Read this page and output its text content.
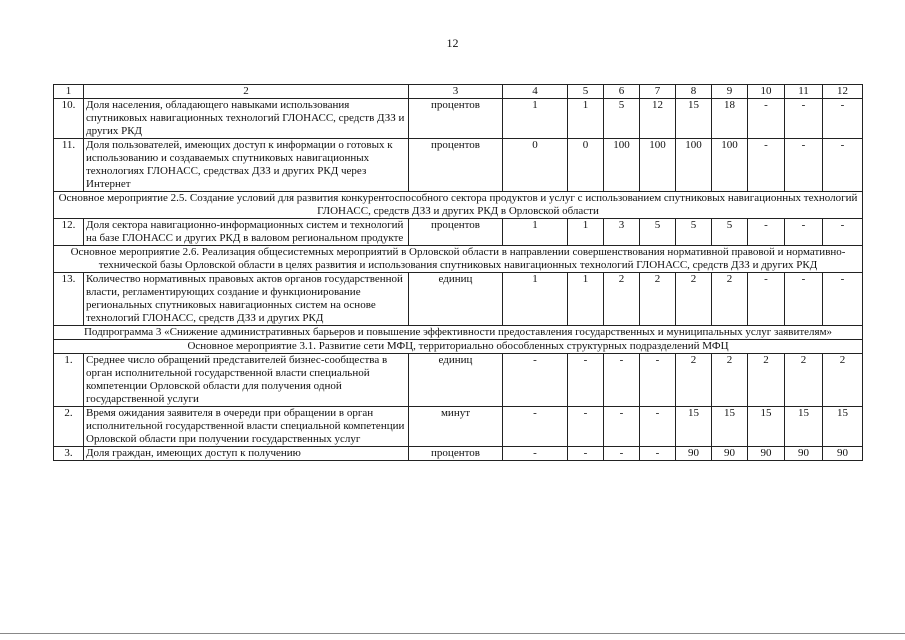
12
1	2	3	4	5	6	7	8	9	10	11	12
10.	Доля населения, обладающего навыками использования спутниковых навигационных технологий ГЛОНАСС, средств ДЗЗ и других РКД	процентов	1	1	5	12	15	18	-	-	-
11.	Доля пользователей, имеющих доступ к информации о готовых к использованию и создаваемых спутниковых навигационных технологиях ГЛОНАСС, средствах ДЗЗ и других РКД через Интернет	процентов	0	0	100	100	100	100	-	-	-
Основное мероприятие 2.5. Создание условий для развития конкурентоспособного сектора продуктов и услуг с использованием спутниковых навигационных технологий ГЛОНАСС, средств ДЗЗ и других РКД в Орловской области											
12.	Доля сектора навигационно-информационных систем и технологий на базе ГЛОНАСС и других РКД в валовом региональном продукте	процентов	1	1	3	5	5	5	-	-	-
Основное мероприятие 2.6. Реализация общесистемных мероприятий в Орловской области в направлении совершенствования нормативной правовой и нормативно-технической базы Орловской области в целях развития и использования спутниковых навигационных технологий ГЛОНАСС, средств ДЗЗ и других РКД											
13.	Количество нормативных правовых актов органов государственной власти, регламентирующих создание и функционирование региональных спутниковых навигационных систем на основе технологий ГЛОНАСС, средств ДЗЗ и других РКД	единиц	1	1	2	2	2	2	-	-	-
Подпрограмма 3 «Снижение административных барьеров и повышение эффективности предоставления государственных и муниципальных услуг заявителям»											
Основное мероприятие 3.1. Развитие сети МФЦ, территориально обособленных структурных подразделений МФЦ											
1.	Среднее число обращений представителей бизнес-сообщества в орган исполнительной государственной власти специальной компетенции Орловской области для получения одной государственной услуги	единиц	-	-	-	-	2	2	2	2	2
2.	Время ожидания заявителя в очереди при обращении в орган исполнительной государственной власти специальной компетенции Орловской области при получении государственных услуг	минут	-	-	-	-	15	15	15	15	15
3.	Доля граждан, имеющих доступ к получению	процентов	-	-	-	-	90	90	90	90	90
